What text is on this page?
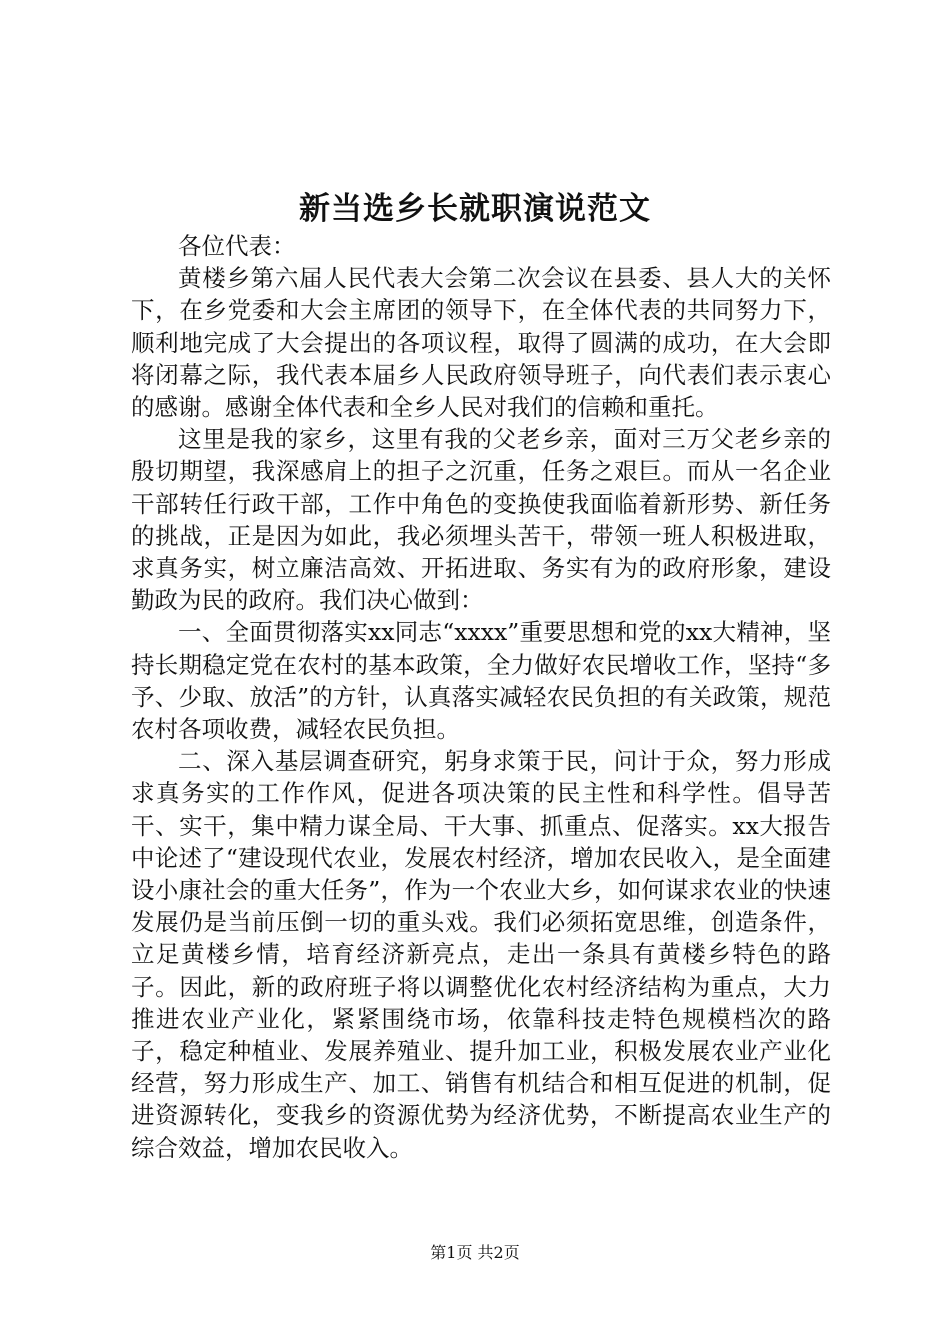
新当选乡长就职演说范文

各位代表：

黄楼乡第六届人民代表大会第二次会议在县委、县人大的关怀下，在乡党委和大会主席团的领导下，在全体代表的共同努力下，顺利地完成了大会提出的各项议程，取得了圆满的成功，在大会即将闭幕之际，我代表本届乡人民政府领导班子，向代表们表示衷心的感谢。感谢全体代表和全乡人民对我们的信赖和重托。

这里是我的家乡，这里有我的父老乡亲，面对三万父老乡亲的殷切期望，我深感肩上的担子之沉重，任务之艰巨。而从一名企业干部转任行政干部，工作中角色的变换使我面临着新形势、新任务的挑战，正是因为如此，我必须埋头苦干，带领一班人积极进取，求真务实，树立廉洁高效、开拓进取、务实有为的政府形象，建设勤政为民的政府。我们决心做到：

一、全面贯彻落实xx同志“xxxx”重要思想和党的xx大精神，坚持长期稳定党在农村的基本政策，全力做好农民增收工作，坚持“多予、少取、放活”的方针，认真落实减轻农民负担的有关政策，规范农村各项收费，减轻农民负担。

二、深入基层调查研究，躬身求策于民，问计于众，努力形成求真务实的工作作风，促进各项决策的民主性和科学性。倡导苦干、实干，集中精力谋全局、干大事、抓重点、促落实。xx大报告中论述了“建设现代农业，发展农村经济，增加农民收入，是全面建设小康社会的重大任务”，作为一个农业大乡，如何谋求农业的快速发展仍是当前压倒一切的重头戏。我们必须拓宽思维，创造条件，立足黄楼乡情，培育经济新亮点，走出一条具有黄楼乡特色的路子。因此，新的政府班子将以调整优化农村经济结构为重点，大力推进农业产业化，紧紧围绕市场，依靠科技走特色规模档次的路子，稳定种植业、发展养殖业、提升加工业，积极发展农业产业化经营，努力形成生产、加工、销售有机结合和相互促进的机制，促进资源转化，变我乡的资源优势为经济优势，不断提高农业生产的综合效益，增加农民收入。

第1页 共2页
